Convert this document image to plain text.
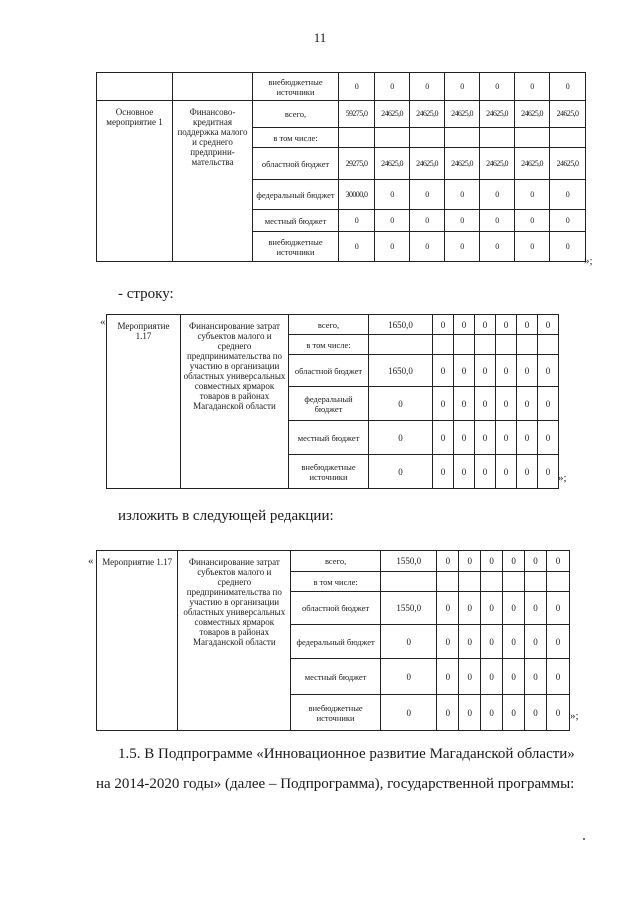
11
		внебюджетные источники	0	0	0	0	0	0	0
Основное мероприятие 1	Финансово-кредитная поддержка малого и среднего предприни-мательства	всего,	59275,0	24625,0	24625,0	24625,0	24625,0	24625,0	24625,0
		в том числе:							
		областной бюджет	29275,0	24625,0	24625,0	24625,0	24625,0	24625,0	24625,0
		федеральный бюджет	30000,0	0	0	0	0	0	0
		местный бюджет	0	0	0	0	0	0	0
		внебюджетные источники	0	0	0	0	0	0	0
»;
- строку:
« Мероприятие 1.17	Финансирование затрат субъектов малого и среднего предпринимательства по участию в организации областных универсальных совместных ярмарок товаров в районах Магаданской области	всего,	1650,0	0	0	0	0	0	0
		в том числе:							
		областной бюджет	1650,0	0	0	0	0	0	0
		федеральный бюджет	0	0	0	0	0	0	0
		местный бюджет	0	0	0	0	0	0	0
		внебюджетные источники	0	0	0	0	0	0	0
»;
изложить в следующей редакции:
« Мероприятие 1.17	Финансирование затрат субъектов малого и среднего предпринимательства по участию в организации областных универсальных совместных ярмарок товаров в районах Магаданской области	всего,	1550,0	0	0	0	0	0	0
		в том числе:							
		областной бюджет	1550,0	0	0	0	0	0	0
		федеральный бюджет	0	0	0	0	0	0	0
		местный бюджет	0	0	0	0	0	0	0
		внебюджетные источники	0	0	0	0	0	0	0 »;
1.5. В Подпрограмме «Инновационное развитие Магаданской области»
на 2014-2020 годы» (далее – Подпрограмма), государственной программы:
